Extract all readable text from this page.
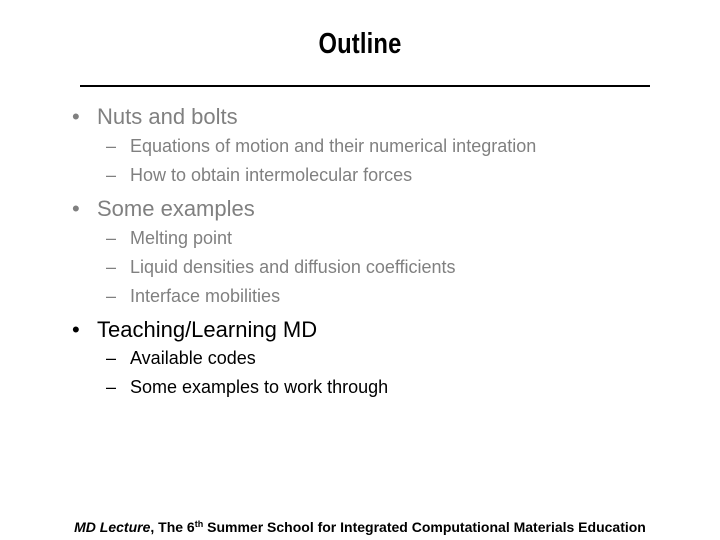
Outline
• Nuts and bolts
– Equations of motion and their numerical integration
– How to obtain intermolecular forces
• Some examples
– Melting point
– Liquid densities and diffusion coefficients
– Interface mobilities
• Teaching/Learning MD
– Available codes
– Some examples to work through
MD Lecture, The 6th Summer School for Integrated Computational Materials Education
